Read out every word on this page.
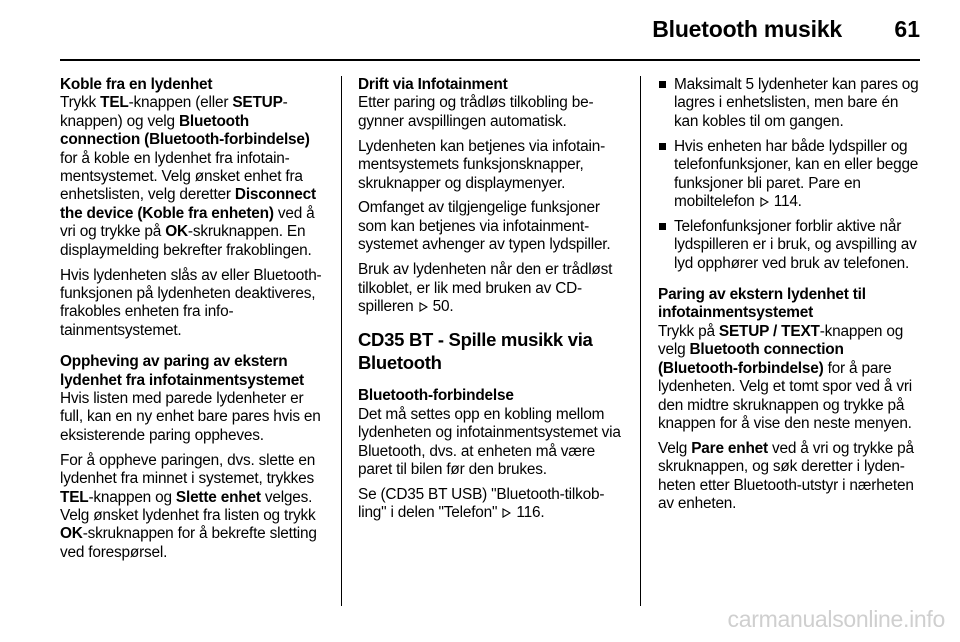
Bluetooth musikk	61
Koble fra en lydenhet

Trykk TEL-knappen (eller SETUP-knappen) og velg Bluetooth connection (Bluetooth-forbindelse) for å koble en lydenhet fra infotainmentsystemet. Velg ønsket enhet fra enhetslisten, velg deretter Disconnect the device (Koble fra enheten) ved å vri og trykke på OK-skruknappen. En displaymelding bekrefter frakoblingen.

Hvis lydenheten slås av eller Bluetooth-funksjonen på lydenheten deaktiveres, frakobles enheten fra infotainmentsystemet.

Oppheving av paring av ekstern lydenhet fra infotainmentsystemet

Hvis listen med parede lydenheter er full, kan en ny enhet bare pares hvis en eksisterende paring oppheves.

For å oppheve paringen, dvs. slette en lydenhet fra minnet i systemet, trykkes TEL-knappen og Slette enhet velges. Velg ønsket lydenhet fra listen og trykk OK-skruknappen for å bekrefte sletting ved forespørsel.

Drift via Infotainment

Etter paring og trådløs tilkobling begynner avspillingen automatisk.

Lydenheten kan betjenes via infotainmentsystemets funksjonsknapper, skruknapper og displaymenyer.

Omfanget av tilgjengelige funksjoner som kan betjenes via infotainmentsystemet avhenger av typen lydspiller.

Bruk av lydenheten når den er trådløst tilkoblet, er lik med bruken av CD-spilleren  50.

CD35 BT - Spille musikk via Bluetooth
Bluetooth-forbindelse

Det må settes opp en kobling mellom lydenheten og infotainmentsystemet via Bluetooth, dvs. at enheten må være paret til bilen før den brukes.

Se (CD35 BT USB) "Bluetooth-tilkobling" i delen "Telefon"  116.

Maksimalt 5 lydenheter kan pares og lagres i enhetslisten, men bare én kan kobles til om gangen.
Hvis enheten har både lydspiller og telefonfunksjoner, kan en eller begge funksjoner bli paret. Pare en mobiltelefon  114.
Telefonfunksjoner forblir aktive når lydspilleren er i bruk, og avspilling av lyd opphører ved bruk av telefonen.
Paring av ekstern lydenhet til infotainmentsystemet

Trykk på SETUP / TEXT-knappen og velg Bluetooth connection (Bluetooth-forbindelse) for å pare lydenheten. Velg et tomt spor ved å vri den midtre skruknappen og trykke på knappen for å vise den neste menyen.

Velg Pare enhet ved å vri og trykke på skruknappen, og søk deretter i lydenheten etter Bluetooth-utstyr i nærheten av enheten.

carmanualsonline.info
